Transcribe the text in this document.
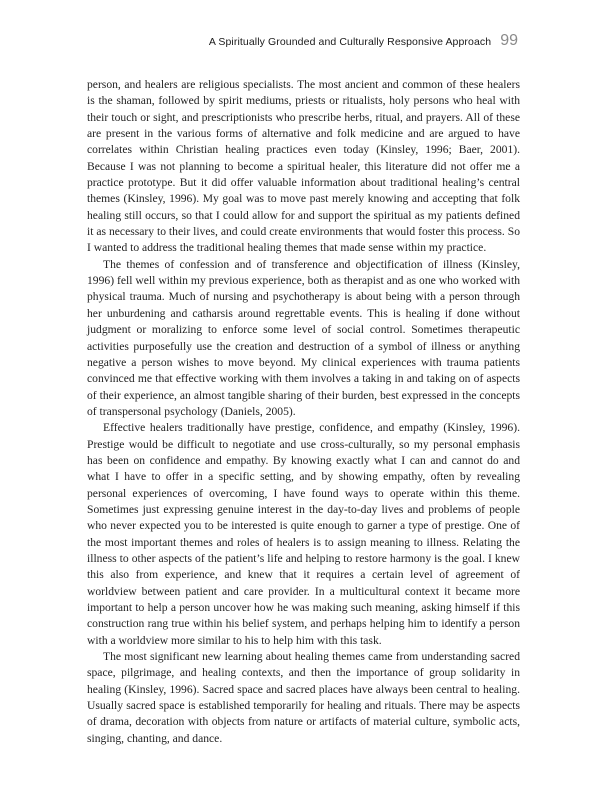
A Spiritually Grounded and Culturally Responsive Approach 99

person, and healers are religious specialists. The most ancient and common of these healers is the shaman, followed by spirit mediums, priests or ritualists, holy persons who heal with their touch or sight, and prescriptionists who prescribe herbs, ritual, and prayers. All of these are present in the various forms of alternative and folk medicine and are argued to have correlates within Christian healing practices even today (Kinsley, 1996; Baer, 2001). Because I was not planning to become a spiritual healer, this literature did not offer me a practice prototype. But it did offer valuable information about traditional healing’s central themes (Kinsley, 1996). My goal was to move past merely knowing and accepting that folk healing still occurs, so that I could allow for and support the spiritual as my patients defined it as necessary to their lives, and could create environments that would foster this process. So I wanted to address the traditional healing themes that made sense within my practice.

The themes of confession and of transference and objectification of illness (Kinsley, 1996) fell well within my previous experience, both as therapist and as one who worked with physical trauma. Much of nursing and psychotherapy is about being with a person through her unburdening and catharsis around regrettable events. This is healing if done without judgment or moralizing to enforce some level of social control. Sometimes therapeutic activities purposefully use the creation and destruction of a symbol of illness or anything negative a person wishes to move beyond. My clinical experiences with trauma patients convinced me that effective working with them involves a taking in and taking on of aspects of their experience, an almost tangible sharing of their burden, best expressed in the concepts of transpersonal psychology (Daniels, 2005).

Effective healers traditionally have prestige, confidence, and empathy (Kinsley, 1996). Prestige would be difficult to negotiate and use cross-culturally, so my personal emphasis has been on confidence and empathy. By knowing exactly what I can and cannot do and what I have to offer in a specific setting, and by showing empathy, often by revealing personal experiences of overcoming, I have found ways to operate within this theme. Sometimes just expressing genuine interest in the day-to-day lives and problems of people who never expected you to be interested is quite enough to garner a type of prestige. One of the most important themes and roles of healers is to assign meaning to illness. Relating the illness to other aspects of the patient’s life and helping to restore harmony is the goal. I knew this also from experience, and knew that it requires a certain level of agreement of worldview between patient and care provider. In a multicultural context it became more important to help a person uncover how he was making such meaning, asking himself if this construction rang true within his belief system, and perhaps helping him to identify a person with a worldview more similar to his to help him with this task.

The most significant new learning about healing themes came from understanding sacred space, pilgrimage, and healing contexts, and then the importance of group solidarity in healing (Kinsley, 1996). Sacred space and sacred places have always been central to healing. Usually sacred space is established temporarily for healing and rituals. There may be aspects of drama, decoration with objects from nature or artifacts of material culture, symbolic acts, singing, chanting, and dance.
